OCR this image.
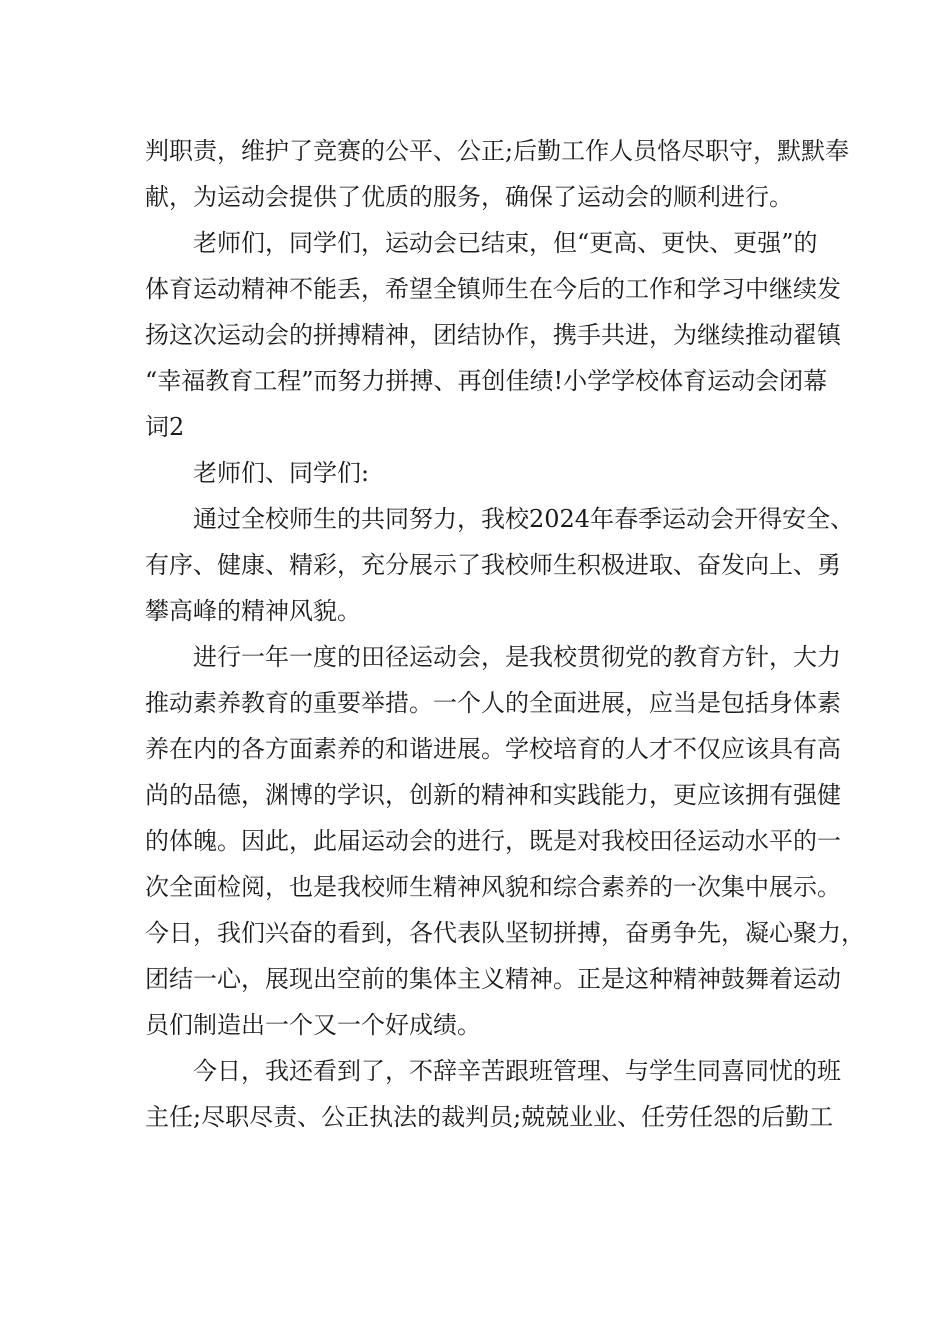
判职责，维护了竞赛的公平、公正;后勤工作人员恪尽职守，默默奉
献，为运动会提供了优质的服务，确保了运动会的顺利进行。
老师们，同学们，运动会已结束，但“更高、更快、更强”的
体育运动精神不能丢，希望全镇师生在今后的工作和学习中继续发
扬这次运动会的拼搏精神，团结协作，携手共进，为继续推动翟镇
“幸福教育工程”而努力拼搏、再创佳绩!小学学校体育运动会闭幕
词2
老师们、同学们:
通过全校师生的共同努力，我校2024年春季运动会开得安全、
有序、健康、精彩，充分展示了我校师生积极进取、奋发向上、勇
攀高峰的精神风貌。
进行一年一度的田径运动会，是我校贯彻党的教育方针，大力
推动素养教育的重要举措。一个人的全面进展，应当是包括身体素
养在内的各方面素养的和谐进展。学校培育的人才不仅应该具有高
尚的品德，渊博的学识，创新的精神和实践能力，更应该拥有强健
的体魄。因此，此届运动会的进行，既是对我校田径运动水平的一
次全面检阅，也是我校师生精神风貌和综合素养的一次集中展示。
今日，我们兴奋的看到，各代表队坚韧拼搏，奋勇争先，凝心聚力，
团结一心，展现出空前的集体主义精神。正是这种精神鼓舞着运动
员们制造出一个又一个好成绩。
今日，我还看到了，不辞辛苦跟班管理、与学生同喜同忧的班
主任;尽职尽责、公正执法的裁判员;兢兢业业、任劳任怨的后勤工
